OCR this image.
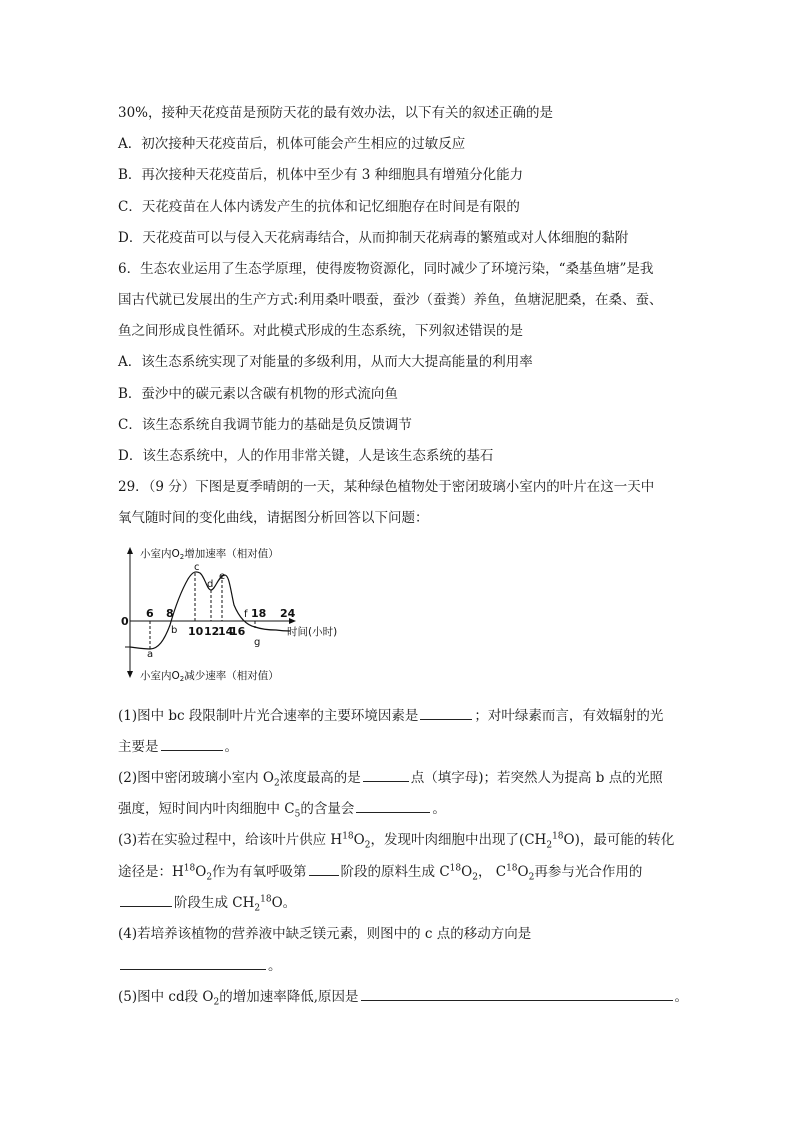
30%，接种天花疫苗是预防天花的最有效办法，以下有关的叙述正确的是
A．初次接种天花疫苗后，机体可能会产生相应的过敏反应
B．再次接种天花疫苗后，机体中至少有 3 种细胞具有增殖分化能力
C．天花疫苗在人体内诱发产生的抗体和记忆细胞存在时间是有限的
D．天花疫苗可以与侵入天花病毒结合，从而抑制天花病毒的繁殖或对人体细胞的黏附
6．生态农业运用了生态学原理，使得废物资源化，同时减少了环境污染，“桑基鱼塘”是我
国古代就已发展出的生产方式:利用桑叶喂蚕，蚕沙（蚕粪）养鱼，鱼塘泥肥桑，在桑、蚕、
鱼之间形成良性循环。对此模式形成的生态系统，下列叙述错误的是
A．该生态系统实现了对能量的多级利用，从而大大提高能量的利用率
B．蚕沙中的碳元素以含碳有机物的形式流向鱼
C．该生态系统自我调节能力的基础是负反馈调节
D．该生态系统中，人的作用非常关键，人是该生态系统的基石
29．（9 分）下图是夏季晴朗的一天，某种绿色植物处于密闭玻璃小室内的叶片在这一天中
氧气随时间的变化曲线，请据图分析回答以下问题：
小室内O2增加速率（相对值）
小室内O2减少速率（相对值）
0
时间(小时)
a
b
c
d
e
f
g
6 8
10 12
14
16
18 24
(1)图中 bc 段限制叶片光合速率的主要环境因素是	；对叶绿素而言，有效辐射的光
主要是	。
(2)图中密闭玻璃小室内 $O_2$浓度最高的是	点（填字母)；若突然人为提高 b 点的光照
强度，短时间内叶肉细胞中 $C_5$的含量会	。
(3)若在实验过程中，给该叶片供应 $H^{18}O_2$，发现叶肉细胞中出现了$(CH_2^{18}O)$，最可能的转化
途径是：$H^{18}O_2$作为有氧呼吸第	阶段的原料生成 $C^{18}O_2$， $C^{18}O_2$再参与光合作用的
阶段生成 $CH_2^{18}O$。
(4)若培养该植物的营养液中缺乏镁元素，则图中的 c 点的移动方向是
。
(5)图中 cd段 $O_2$的增加速率降低,原因是	。
